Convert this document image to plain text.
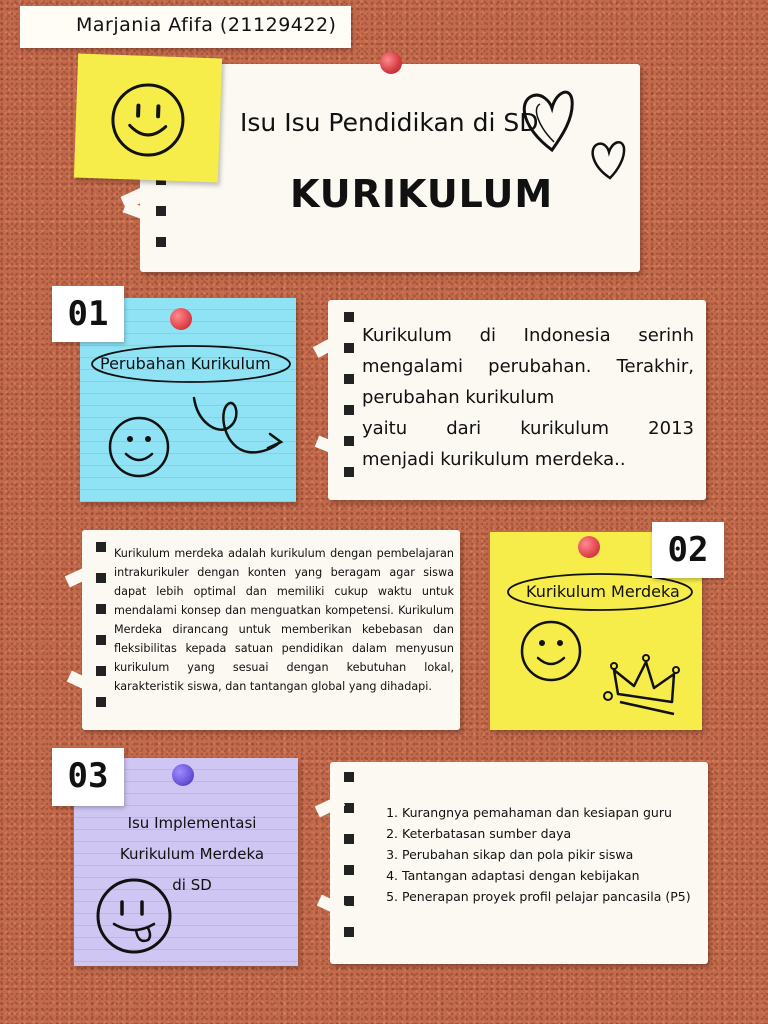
Marjania Afifa (21129422)
Isu Isu Pendidikan di SD
KURIKULUM
Perubahan Kurikulum
01
Kurikulum di Indonesia serinh
mengalami perubahan. Terakhir,
perubahan kurikulum
yaitu dari kurikulum 2013
menjadi kurikulum merdeka..
Kurikulum merdeka adalah kurikulum dengan pembelajaran intrakurikuler dengan konten yang beragam agar siswa dapat lebih optimal dan memiliki cukup waktu untuk mendalami konsep dan menguatkan kompetensi. Kurikulum Merdeka dirancang untuk memberikan kebebasan dan fleksibilitas kepada satuan pendidikan dalam menyusun kurikulum yang sesuai dengan kebutuhan lokal, karakteristik siswa, dan tantangan global yang dihadapi.
Kurikulum Merdeka
02
Isu Implementasi
Kurikulum Merdeka
di SD
03
1. Kurangnya pemahaman dan kesiapan guru
2. Keterbatasan sumber daya
3. Perubahan sikap dan pola pikir siswa
4. Tantangan adaptasi dengan kebijakan
5. Penerapan proyek profil pelajar pancasila (P5)
